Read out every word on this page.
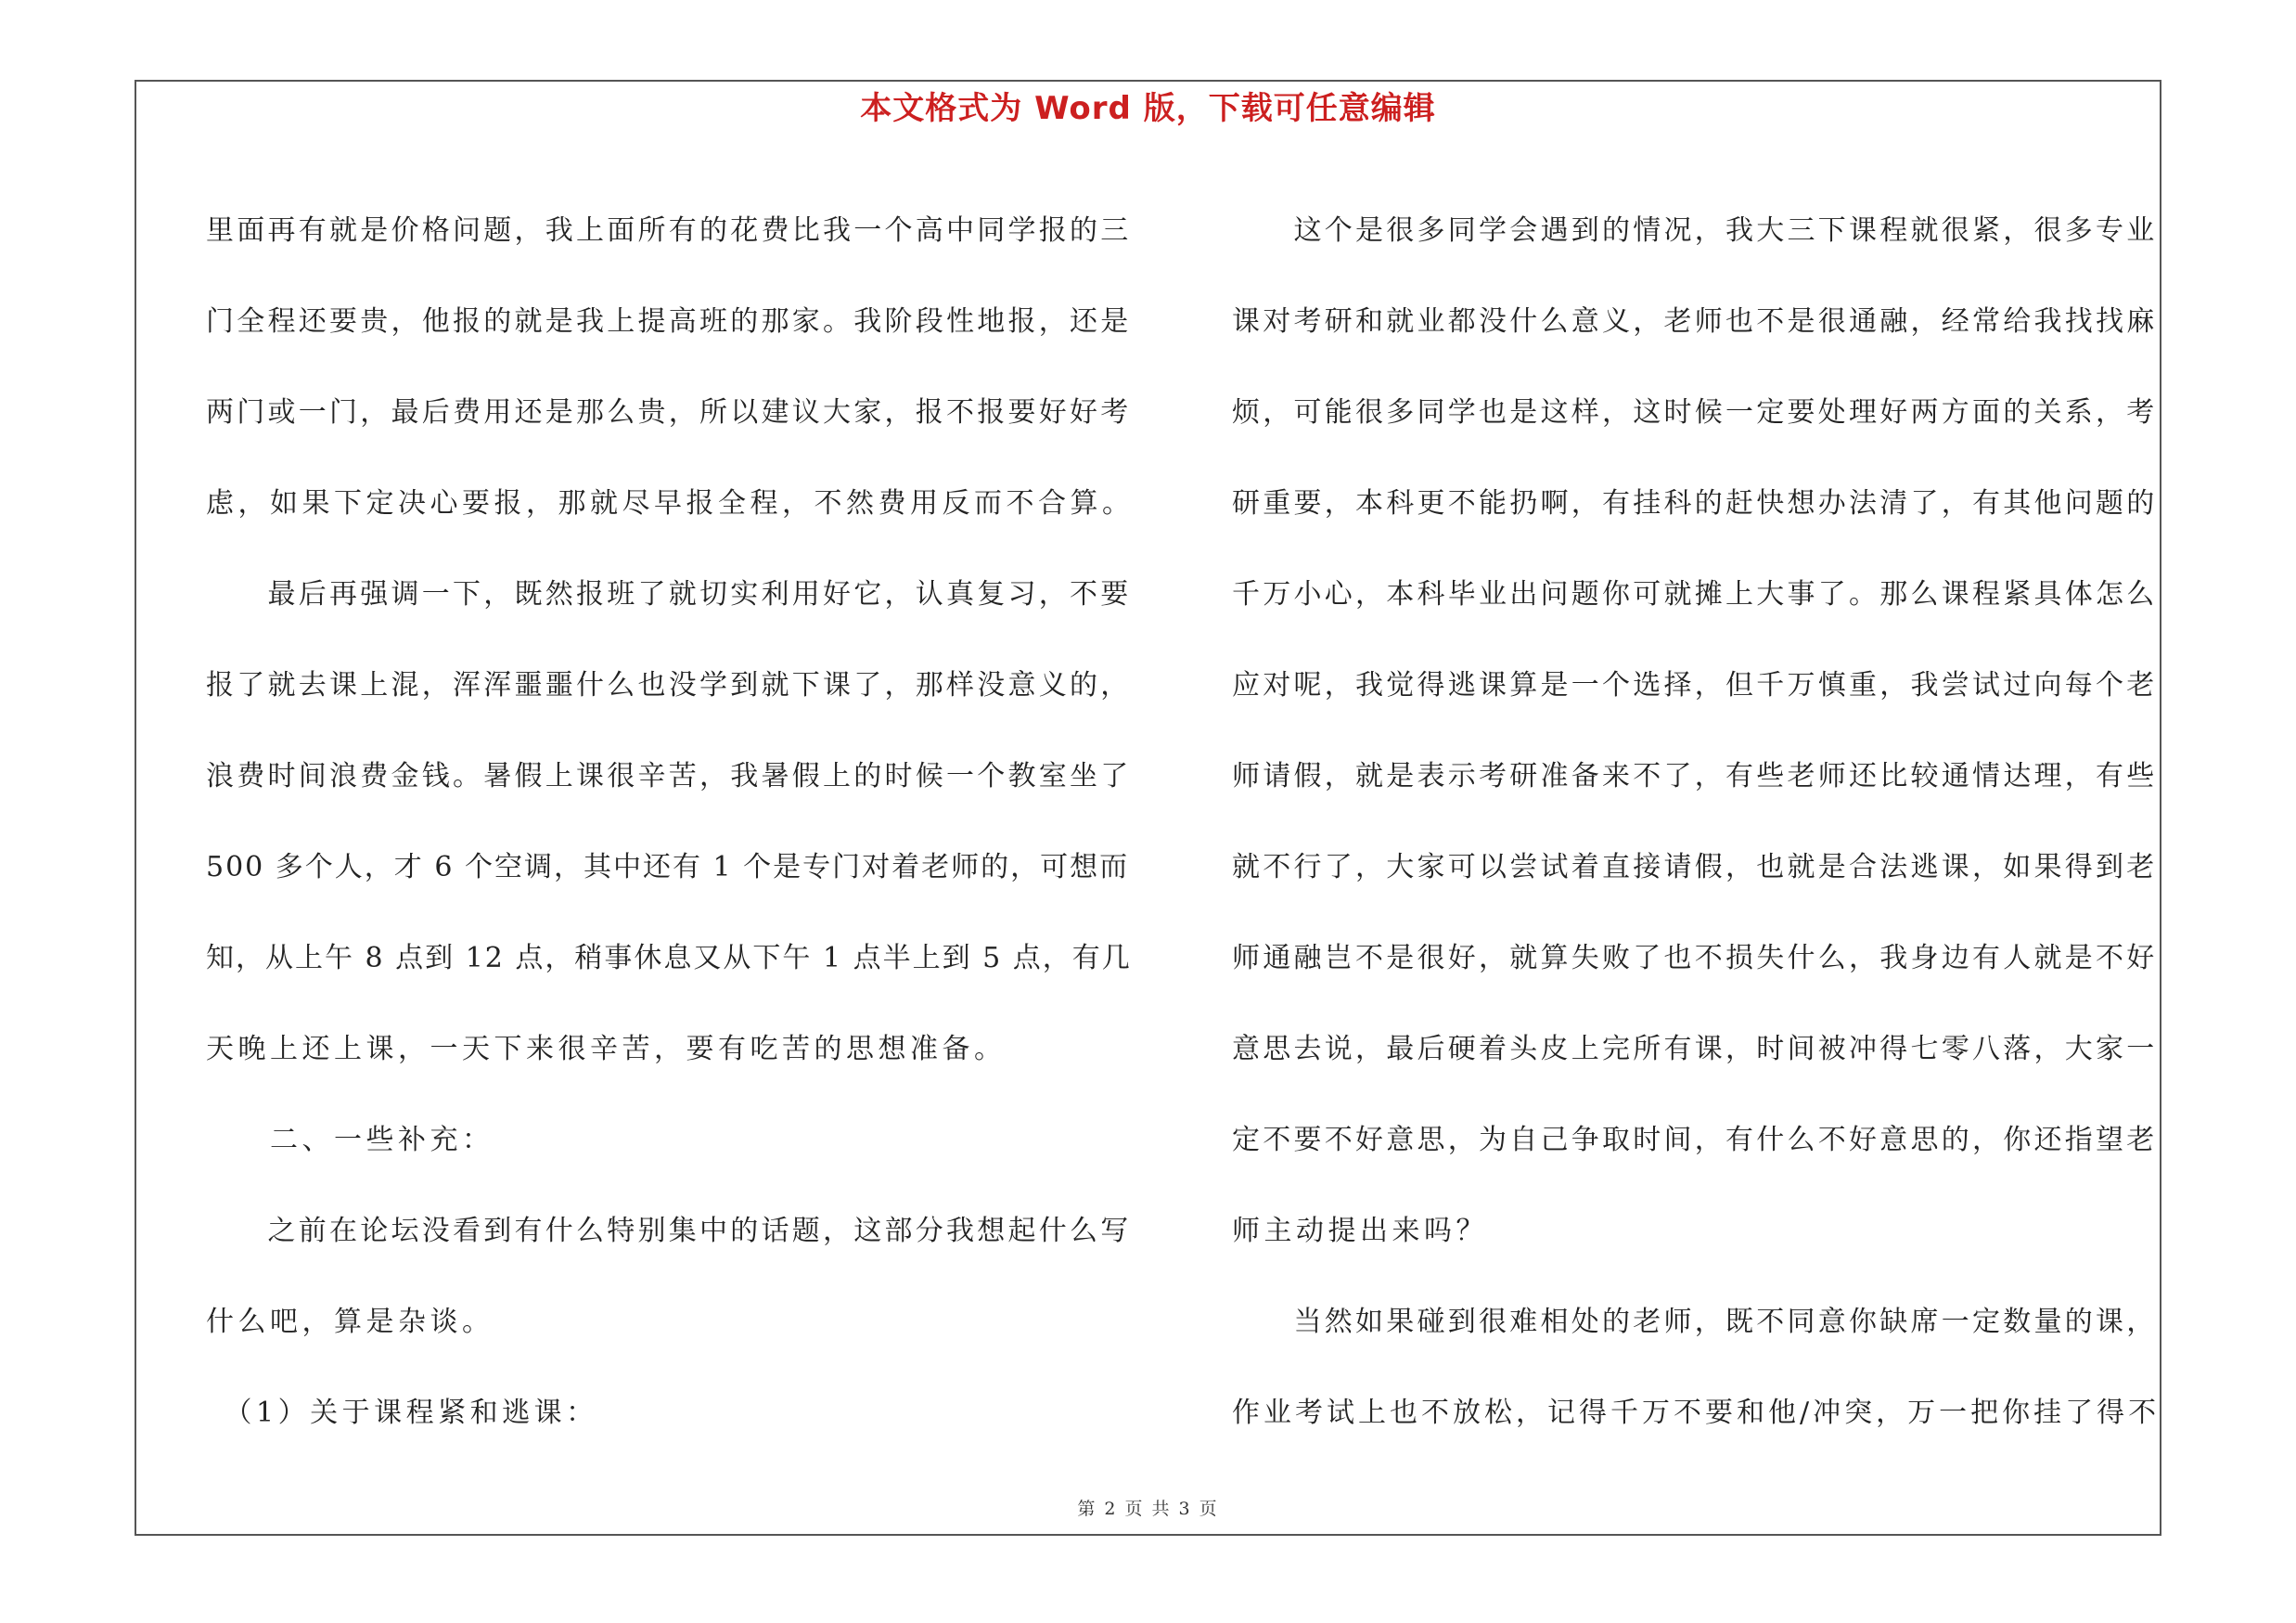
本文格式为 Word 版，下载可任意编辑

里面再有就是价格问题，我上面所有的花费比我一个高中同学报的三

门全程还要贵，他报的就是我上提高班的那家。我阶段性地报，还是

两门或一门，最后费用还是那么贵，所以建议大家，报不报要好好考

虑，如果下定决心要报，那就尽早报全程，不然费用反而不合算。

　　最后再强调一下，既然报班了就切实利用好它，认真复习，不要

报了就去课上混，浑浑噩噩什么也没学到就下课了，那样没意义的，

浪费时间浪费金钱。暑假上课很辛苦，我暑假上的时候一个教室坐了

500 多个人，才 6 个空调，其中还有 1 个是专门对着老师的，可想而

知，从上午 8 点到 12 点，稍事休息又从下午 1 点半上到 5 点，有几

天晚上还上课，一天下来很辛苦，要有吃苦的思想准备。

　　二、一些补充：

　　之前在论坛没看到有什么特别集中的话题，这部分我想起什么写

什么吧，算是杂谈。

　（1）关于课程紧和逃课：

　　这个是很多同学会遇到的情况，我大三下课程就很紧，很多专业

课对考研和就业都没什么意义，老师也不是很通融，经常给我找找麻

烦，可能很多同学也是这样，这时候一定要处理好两方面的关系，考

研重要，本科更不能扔啊，有挂科的赶快想办法清了，有其他问题的

千万小心，本科毕业出问题你可就摊上大事了。那么课程紧具体怎么

应对呢，我觉得逃课算是一个选择，但千万慎重，我尝试过向每个老

师请假，就是表示考研准备来不了，有些老师还比较通情达理，有些

就不行了，大家可以尝试着直接请假，也就是合法逃课，如果得到老

师通融岂不是很好，就算失败了也不损失什么，我身边有人就是不好

意思去说，最后硬着头皮上完所有课，时间被冲得七零八落，大家一

定不要不好意思，为自己争取时间，有什么不好意思的，你还指望老

师主动提出来吗？

　　当然如果碰到很难相处的老师，既不同意你缺席一定数量的课，

作业考试上也不放松，记得千万不要和他/冲突，万一把你挂了得不

第 2 页 共 3 页
